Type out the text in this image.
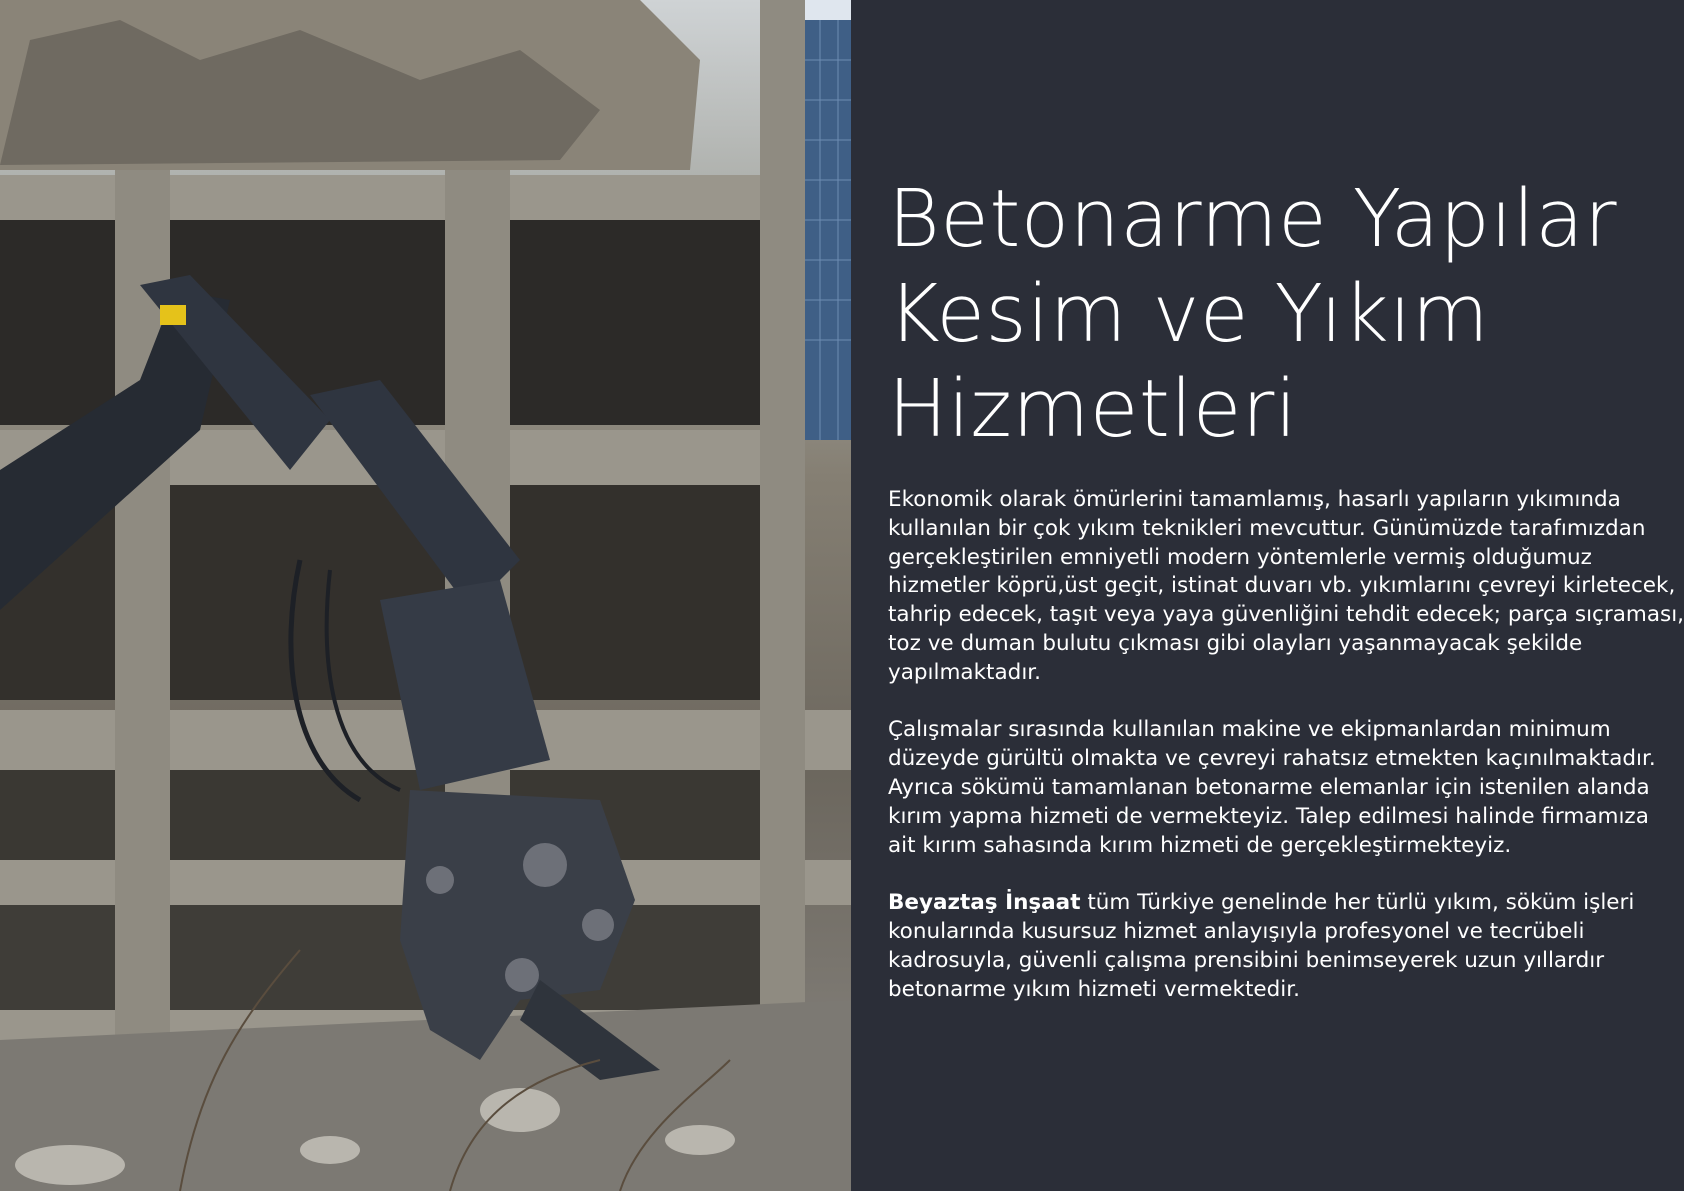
Betonarme Yapılar
Kesim ve Yıkım
Hizmetleri

Ekonomik olarak ömürlerini tamamlamış, hasarlı yapıların yıkımında
kullanılan bir çok yıkım teknikleri mevcuttur. Günümüzde tarafımızdan
gerçekleştirilen emniyetli modern yöntemlerle vermiş olduğumuz
hizmetler köprü,üst geçit, istinat duvarı vb. yıkımlarını çevreyi kirletecek,
tahrip edecek, taşıt veya yaya güvenliğini tehdit edecek; parça sıçraması,
toz ve duman bulutu çıkması gibi olayları yaşanmayacak şekilde
yapılmaktadır.

Çalışmalar sırasında kullanılan makine ve ekipmanlardan minimum
düzeyde gürültü olmakta ve çevreyi rahatsız etmekten kaçınılmaktadır.
Ayrıca sökümü tamamlanan betonarme elemanlar için istenilen alanda
kırım yapma hizmeti de vermekteyiz. Talep edilmesi halinde firmamıza
ait kırım sahasında kırım hizmeti de gerçekleştirmekteyiz.

Beyaztaş İnşaat tüm Türkiye genelinde her türlü yıkım, söküm işleri
konularında kusursuz hizmet anlayışıyla profesyonel ve tecrübeli
kadrosuyla, güvenli çalışma prensibini benimseyerek uzun yıllardır
betonarme yıkım hizmeti vermektedir.
